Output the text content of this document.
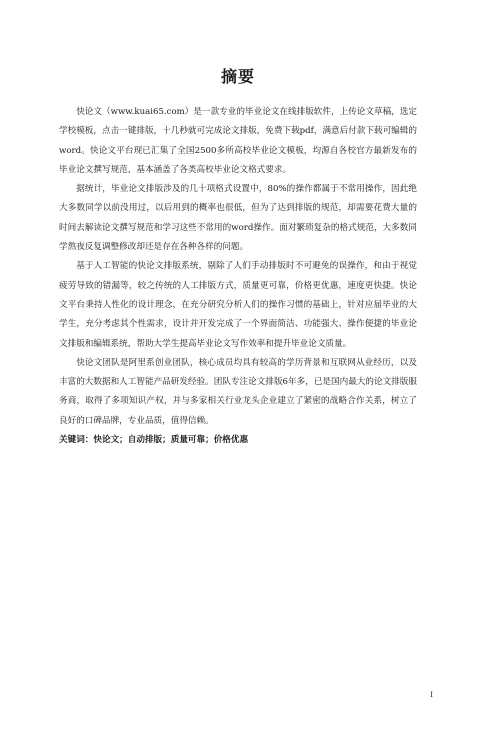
摘要

快论文（www.kuai65.com）是一款专业的毕业论文在线排版软件，上传论文草稿，选定学校模板，点击一键排版，十几秒就可完成论文排版，免费下载pdf，满意后付款下载可编辑的word。快论文平台现已汇集了全国2500多所高校毕业论文模板，均源自各校官方最新发布的毕业论文撰写规范，基本涵盖了各类高校毕业论文格式要求。

据统计，毕业论文排版涉及的几十项格式设置中，80%的操作都属于不常用操作，因此绝大多数同学以前没用过，以后用到的概率也很低，但为了达到排版的规范，却需要花费大量的时间去解读论文撰写规范和学习这些不常用的word操作。面对繁琐复杂的格式规范，大多数同学熬夜反复调整修改却还是存在各种各样的问题。

基于人工智能的快论文排版系统，剔除了人们手动排版时不可避免的误操作，和由于视觉疲劳导致的错漏等，较之传统的人工排版方式，质量更可靠，价格更优惠，速度更快捷。快论文平台秉持人性化的设计理念，在充分研究分析人们的操作习惯的基础上，针对应届毕业的大学生，充分考虑其个性需求，设计并开发完成了一个界面简洁、功能强大、操作便捷的毕业论文排版和编辑系统，帮助大学生提高毕业论文写作效率和提升毕业论文质量。

快论文团队是阿里系创业团队，核心成员均具有较高的学历背景和互联网从业经历，以及丰富的大数据和人工智能产品研发经验。团队专注论文排版6年多，已是国内最大的论文排版服务商，取得了多项知识产权，并与多家相关行业龙头企业建立了紧密的战略合作关系，树立了良好的口碑品牌，专业品质，值得信赖。

关键词：快论文；自动排版；质量可靠；价格优惠

I
